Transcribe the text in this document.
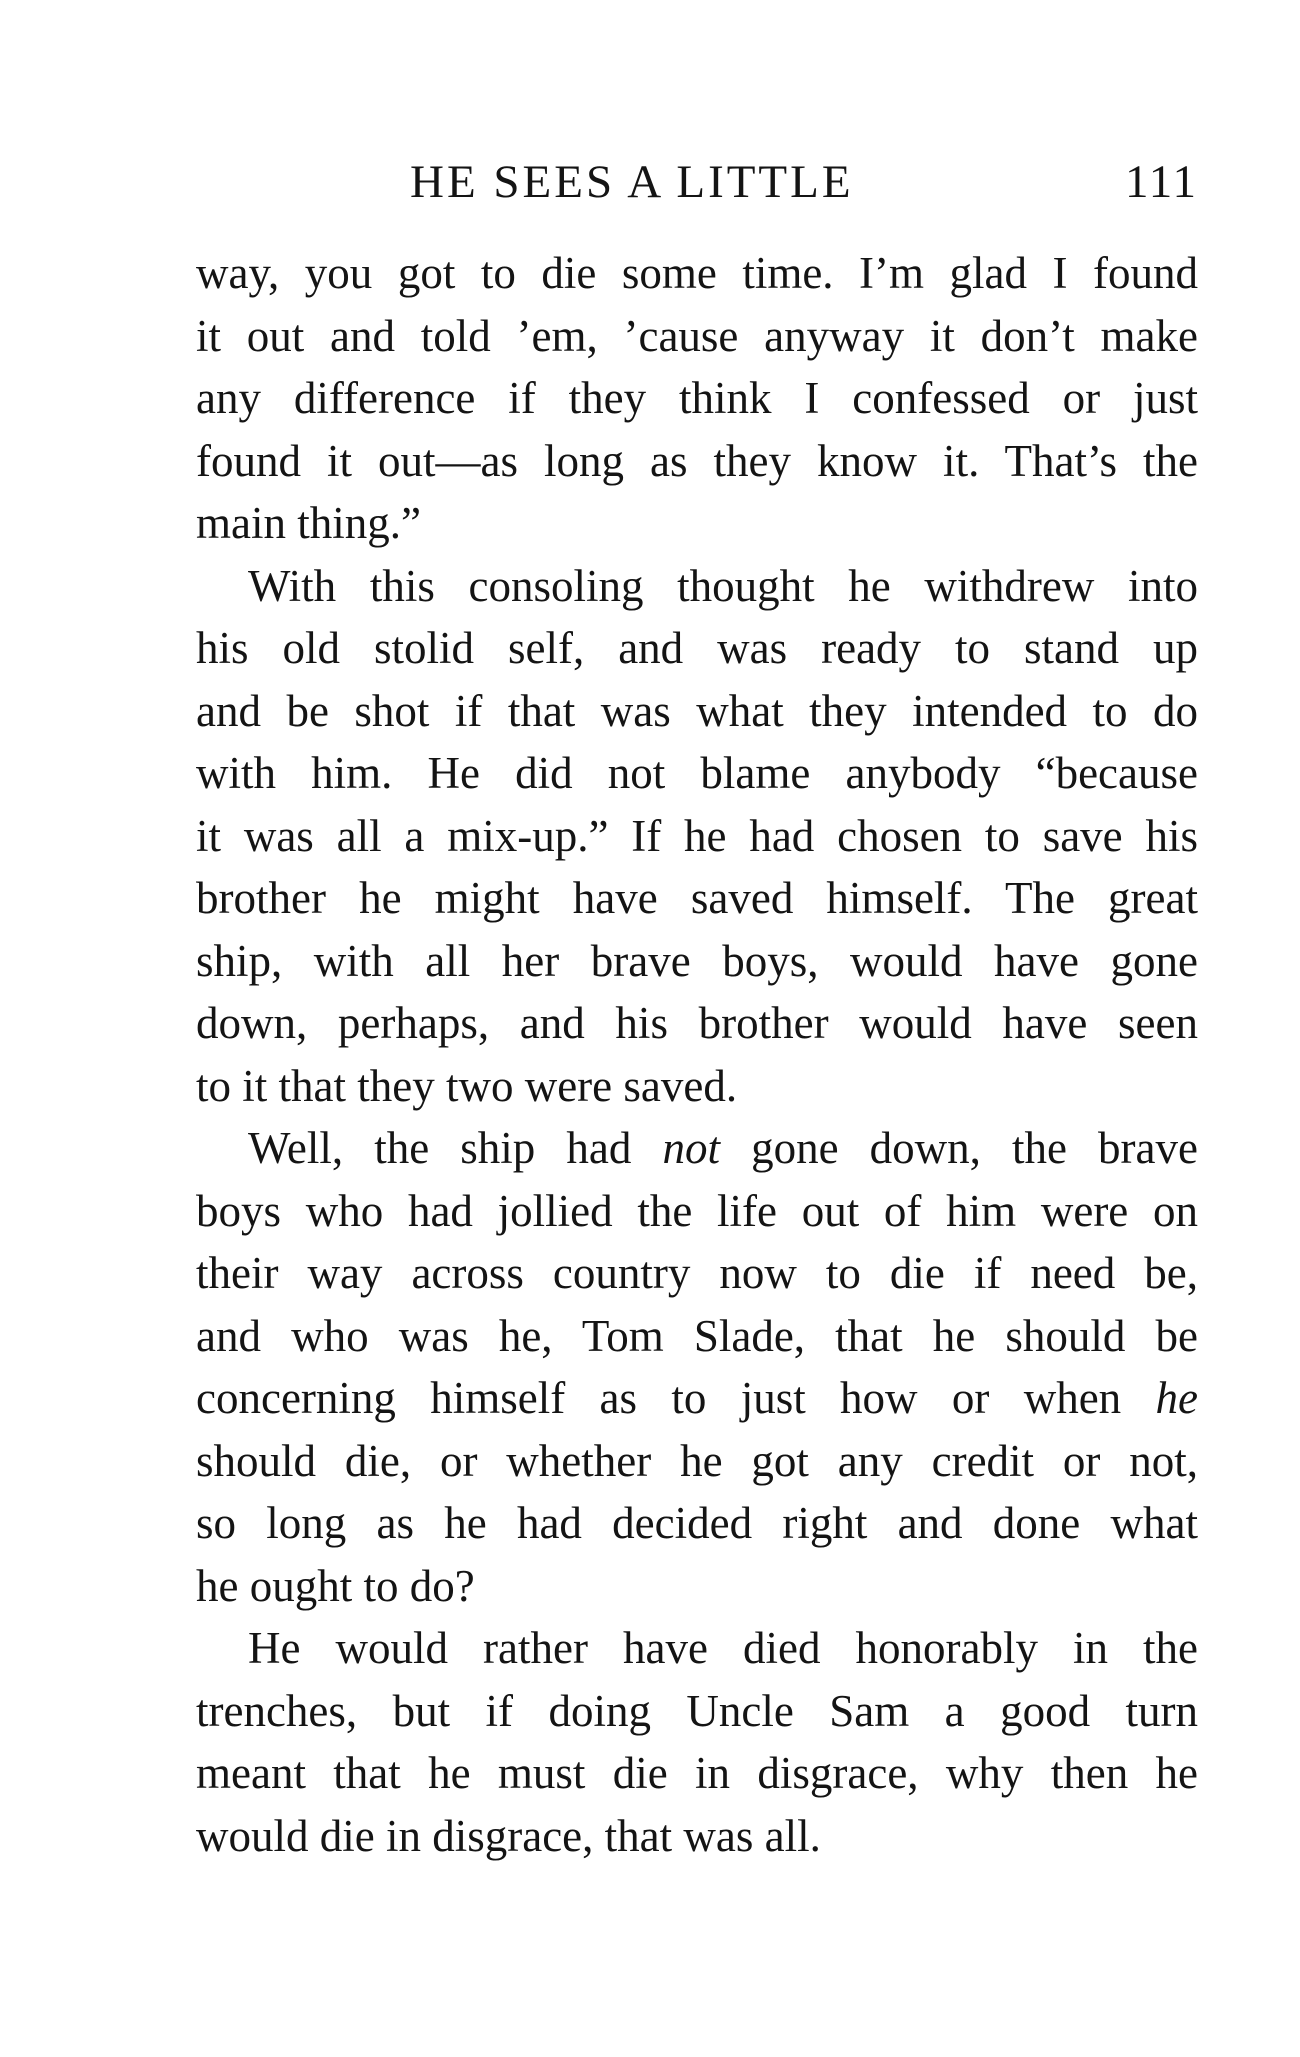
HE SEES A LITTLE	111
way, you got to die some time. I’m glad I found
it out and told ’em, ’cause anyway it don’t make
any difference if they think I confessed or just
found it out—as long as they know it. That’s the
main thing.”
With this consoling thought he withdrew into
his old stolid self, and was ready to stand up
and be shot if that was what they intended to do
with him. He did not blame anybody “because
it was all a mix-up.” If he had chosen to save his
brother he might have saved himself. The great
ship, with all her brave boys, would have gone
down, perhaps, and his brother would have seen
to it that they two were saved.
Well, the ship had not gone down, the brave
boys who had jollied the life out of him were on
their way across country now to die if need be,
and who was he, Tom Slade, that he should be
concerning himself as to just how or when he
should die, or whether he got any credit or not,
so long as he had decided right and done what
he ought to do?
He would rather have died honorably in the
trenches, but if doing Uncle Sam a good turn
meant that he must die in disgrace, why then he
would die in disgrace, that was all.
